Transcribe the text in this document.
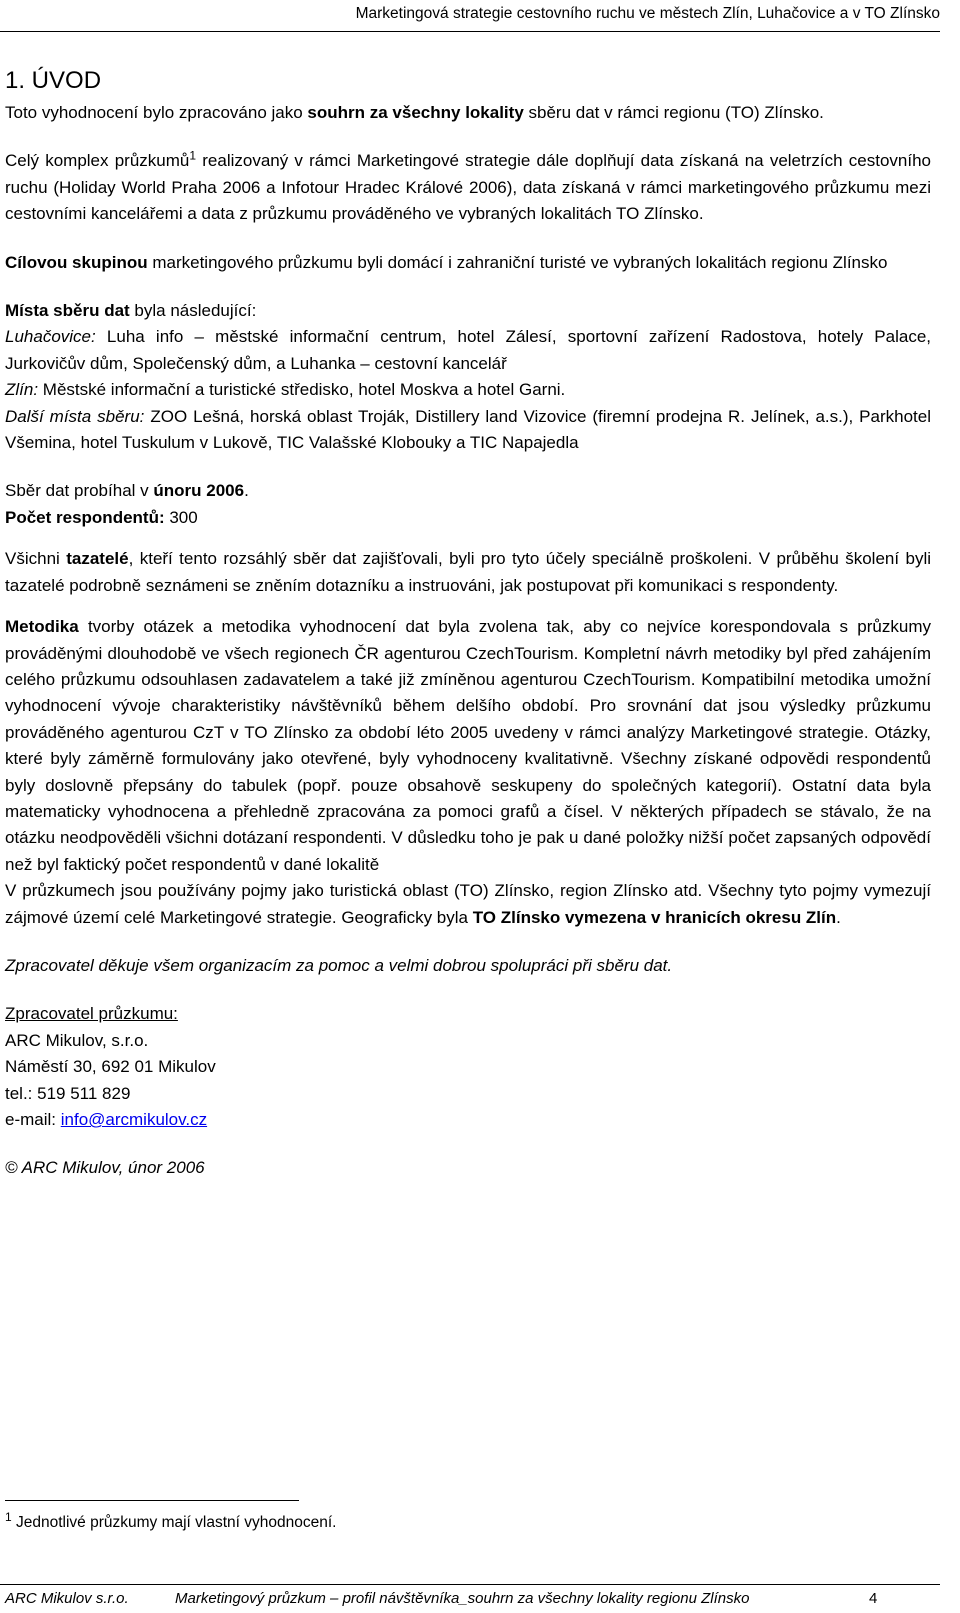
Marketingová strategie cestovního ruchu ve městech Zlín, Luhačovice a v TO Zlínsko
1. ÚVOD

Toto vyhodnocení bylo zpracováno jako souhrn za všechny lokality sběru dat v rámci regionu (TO) Zlínsko.

Celý komplex průzkumů$^1$ realizovaný v rámci Marketingové strategie dále doplňují data získaná na veletrzích cestovního ruchu (Holiday World Praha 2006 a Infotour Hradec Králové 2006), data získaná v rámci marketingového průzkumu mezi cestovními kancelářemi a data z průzkumu prováděného ve vybraných lokalitách TO Zlínsko.

Cílovou skupinou marketingového průzkumu byli domácí i zahraniční turisté ve vybraných lokalitách regionu Zlínsko

Místa sběru dat byla následující:

Luhačovice: Luha info – městské informační centrum, hotel Zálesí, sportovní zařízení Radostova, hotely Palace, Jurkovičův dům, Společenský dům, a Luhanka – cestovní kancelář

Zlín: Městské informační a turistické středisko, hotel Moskva a hotel Garni.

Další místa sběru: ZOO Lešná, horská oblast Troják, Distillery land Vizovice (firemní prodejna R. Jelínek, a.s.), Parkhotel Všemina, hotel Tuskulum v Lukově, TIC Valašské Klobouky a TIC Napajedla

Sběr dat probíhal v únoru 2006.

Počet respondentů: 300

Všichni tazatelé, kteří tento rozsáhlý sběr dat zajišťovali, byli pro tyto účely speciálně proškoleni. V průběhu školení byli tazatelé podrobně seznámeni se zněním dotazníku a instruováni, jak postupovat při komunikaci s respondenty.

Metodika tvorby otázek a metodika vyhodnocení dat byla zvolena tak, aby co nejvíce korespondovala s průzkumy prováděnými dlouhodobě ve všech regionech ČR agenturou CzechTourism. Kompletní návrh metodiky byl před zahájením celého průzkumu odsouhlasen zadavatelem a také již zmíněnou agenturou CzechTourism. Kompatibilní metodika umožní vyhodnocení vývoje charakteristiky návštěvníků během delšího období. Pro srovnání dat jsou výsledky průzkumu prováděného agenturou CzT v TO Zlínsko za období léto 2005 uvedeny v rámci analýzy Marketingové strategie. Otázky, které byly záměrně formulovány jako otevřené, byly vyhodnoceny kvalitativně. Všechny získané odpovědi respondentů byly doslovně přepsány do tabulek (popř. pouze obsahově seskupeny do společných kategorií). Ostatní data byla matematicky vyhodnocena a přehledně zpracována za pomoci grafů a čísel. V některých případech se stávalo, že na otázku neodpověděli všichni dotázaní respondenti. V důsledku toho je pak u dané položky nižší počet zapsaných odpovědí než byl faktický počet respondentů v dané lokalitě

V průzkumech jsou používány pojmy jako turistická oblast (TO) Zlínsko, region Zlínsko atd. Všechny tyto pojmy vymezují zájmové území celé Marketingové strategie. Geograficky byla TO Zlínsko vymezena v hranicích okresu Zlín.

Zpracovatel děkuje všem organizacím za pomoc a velmi dobrou spolupráci při sběru dat.

Zpracovatel průzkumu:

ARC Mikulov, s.r.o.

Náměstí 30, 692 01 Mikulov

tel.: 519 511 829

e-mail: info@arcmikulov.cz

© ARC Mikulov, únor 2006

$^1$ Jednotlivé průzkumy mají vlastní vyhodnocení.
ARC Mikulov s.r.o.	Marketingový průzkum – profil návštěvníka_souhrn za všechny lokality regionu Zlínsko	4
